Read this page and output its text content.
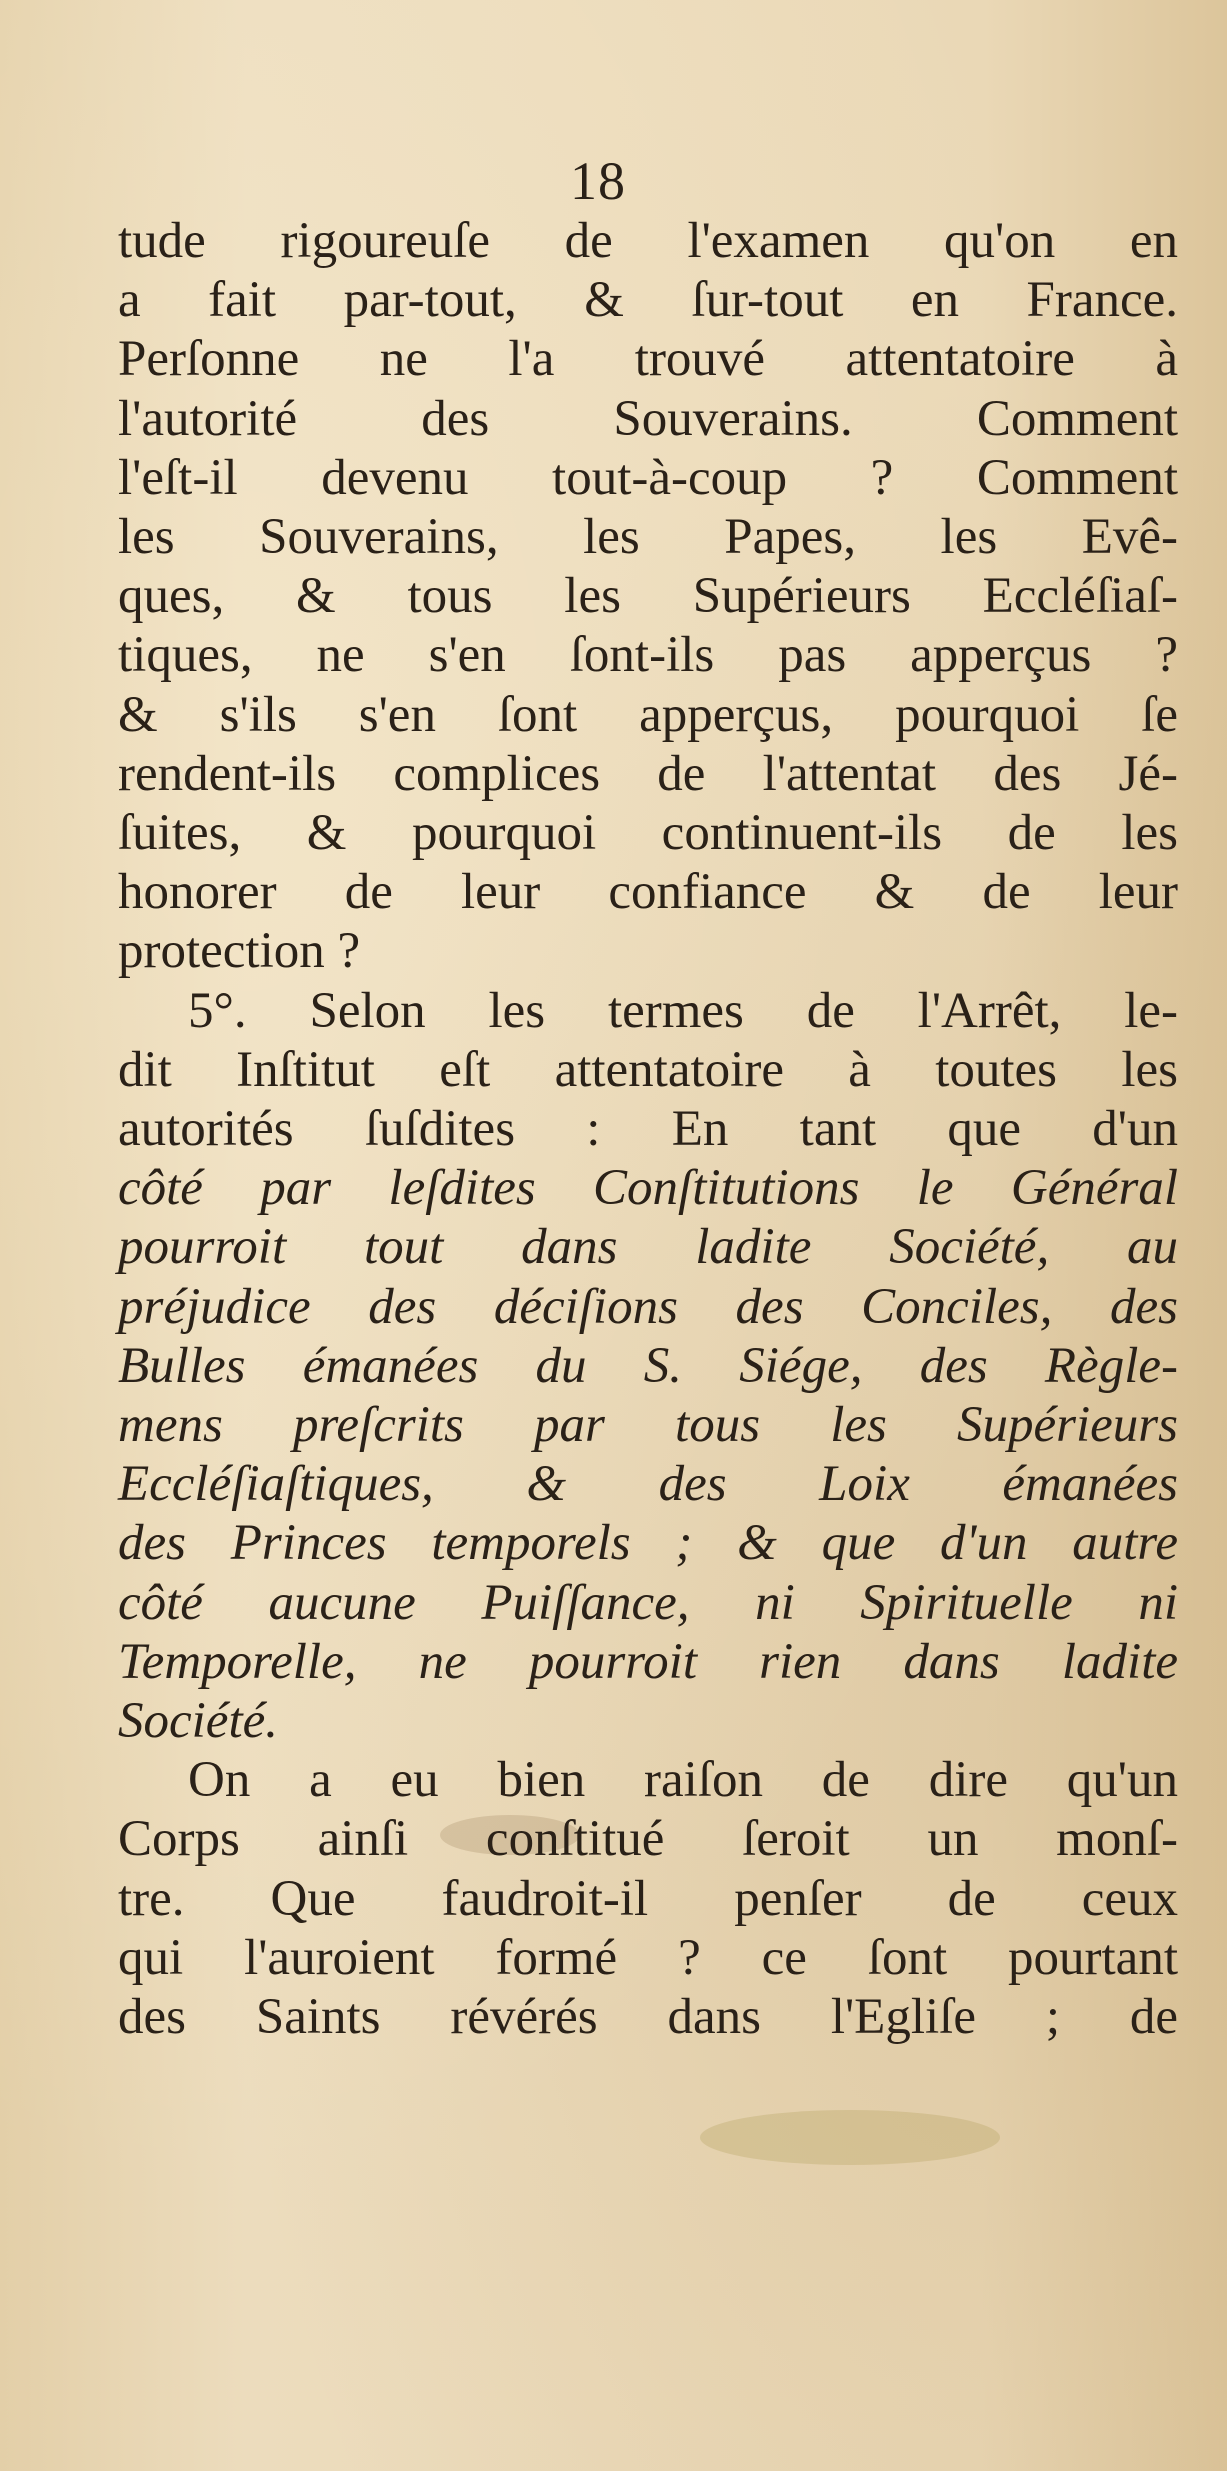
18
tude rigoureuſe de l'examen qu'on en
a fait par-tout, & ſur-tout en France.
Perſonne ne l'a trouvé attentatoire à
l'autorité des Souverains. Comment
l'eſt-il devenu tout-à-coup ? Comment
les Souverains, les Papes, les Evê-
ques, & tous les Supérieurs Eccléſiaſ-
tiques, ne s'en ſont-ils pas apperçus ?
& s'ils s'en ſont apperçus, pourquoi ſe
rendent-ils complices de l'attentat des Jé-
ſuites, & pourquoi continuent-ils de les
honorer de leur confiance & de leur
protection ?
5°. Selon les termes de l'Arrêt, le-
dit Inſtitut eſt attentatoire à toutes les
autorités ſuſdites : En tant que d'un
côté par leſdites Conſtitutions le Général
pourroit tout dans ladite Société, au
préjudice des déciſions des Conciles, des
Bulles émanées du S. Siége, des Règle-
mens preſcrits par tous les Supérieurs
Eccléſiaſtiques, & des Loix émanées
des Princes temporels ; & que d'un autre
côté aucune Puiſſance, ni Spirituelle ni
Temporelle, ne pourroit rien dans ladite
Société.
On a eu bien raiſon de dire qu'un
Corps ainſi conſtitué ſeroit un monſ-
tre. Que faudroit-il penſer de ceux
qui l'auroient formé ? ce ſont pourtant
des Saints révérés dans l'Egliſe ; de
